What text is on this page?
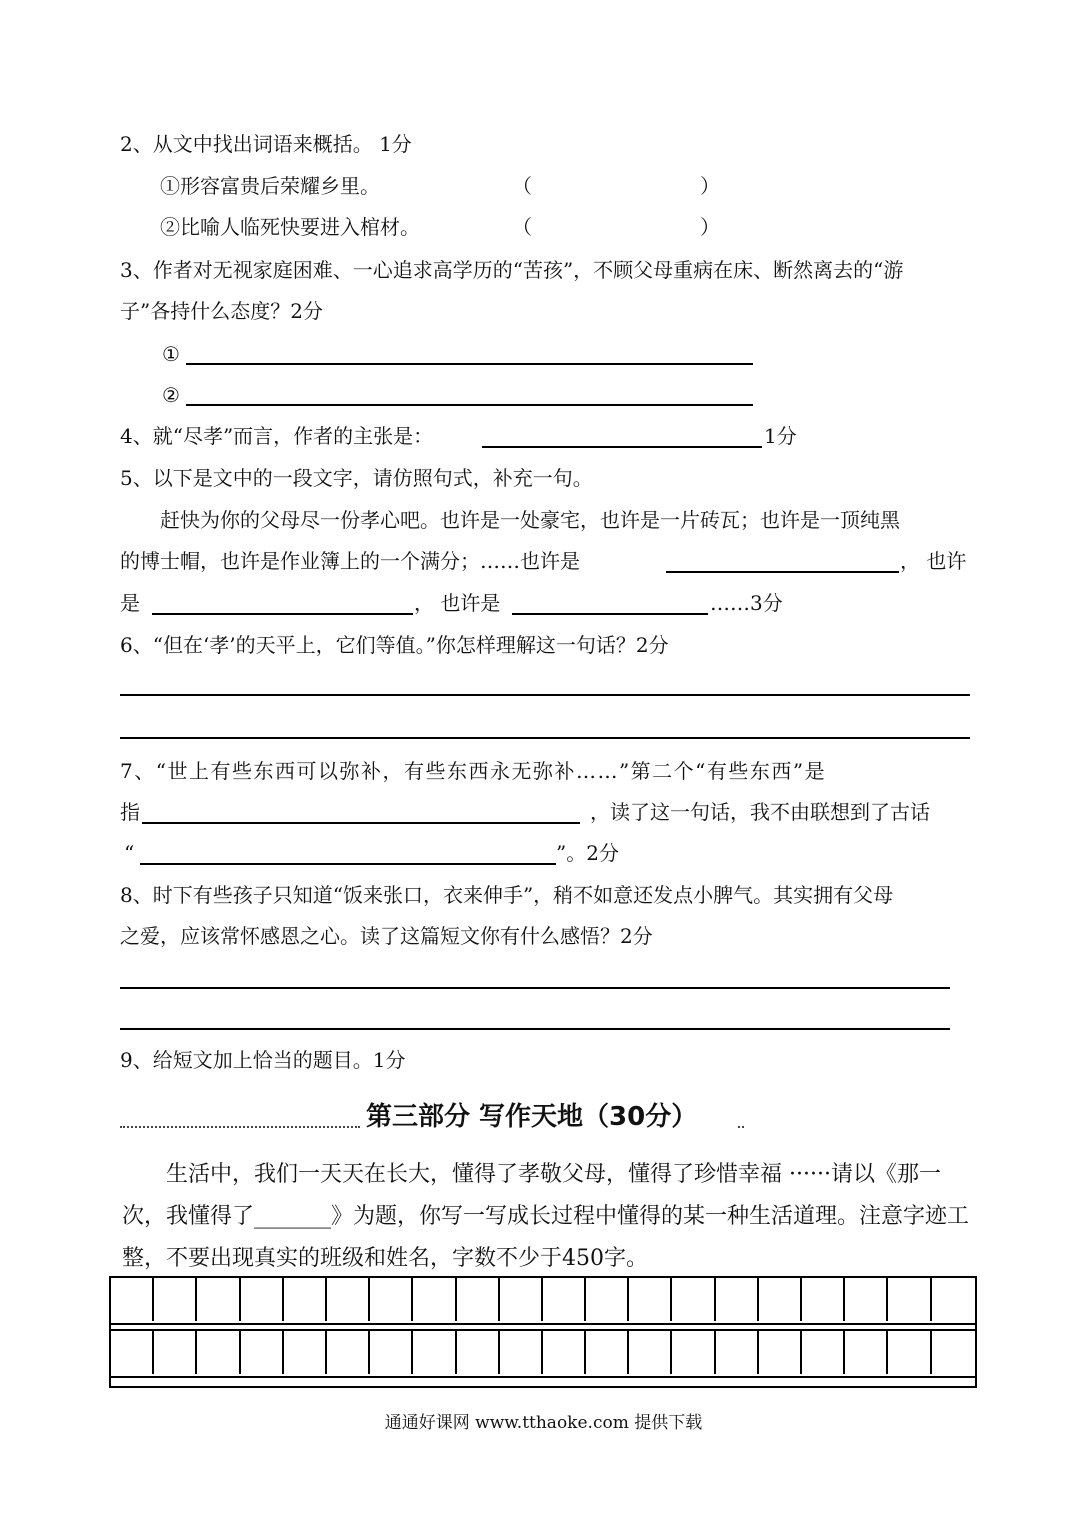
2、从文中找出词语来概括。 1分
①形容富贵后荣耀乡里。	（	）
②比喻人临死快要进入棺材。	（	）
3、作者对无视家庭困难、一心追求高学历的“苦孩”，不顾父母重病在床、断然离去的“游
子”各持什么态度？2分
①
②
4、就“尽孝”而言，作者的主张是：	1分
5、以下是文中的一段文字，请仿照句式，补充一句。
赶快为你的父母尽一份孝心吧。也许是一处豪宅，也许是一片砖瓦；也许是一顶纯黑
的博士帽，也许是作业簿上的一个满分；……也许是	， 也许
是	， 也许是	……3分
6、“但在‘孝’的天平上，它们等值。”你怎样理解这一句话？2分
7、“世上有些东西可以弥补，有些东西永无弥补……”第二个“有些东西”是
指	，读了这一句话，我不由联想到了古话
“	”。2分
8、时下有些孩子只知道“饭来张口，衣来伸手”，稍不如意还发点小脾气。其实拥有父母
之爱，应该常怀感恩之心。读了这篇短文你有什么感悟？2分
9、给短文加上恰当的题目。1分
第三部分 写作天地（30分）
生活中，我们一天天在长大，懂得了孝敬父母，懂得了珍惜幸福 ······请以《那一次，我懂得了_______》为题，你写一写成长过程中懂得的某一种生活道理。注意字迹工整，不要出现真实的班级和姓名，字数不少于450字。
通通好课网 www.tthaoke.com 提供下载
